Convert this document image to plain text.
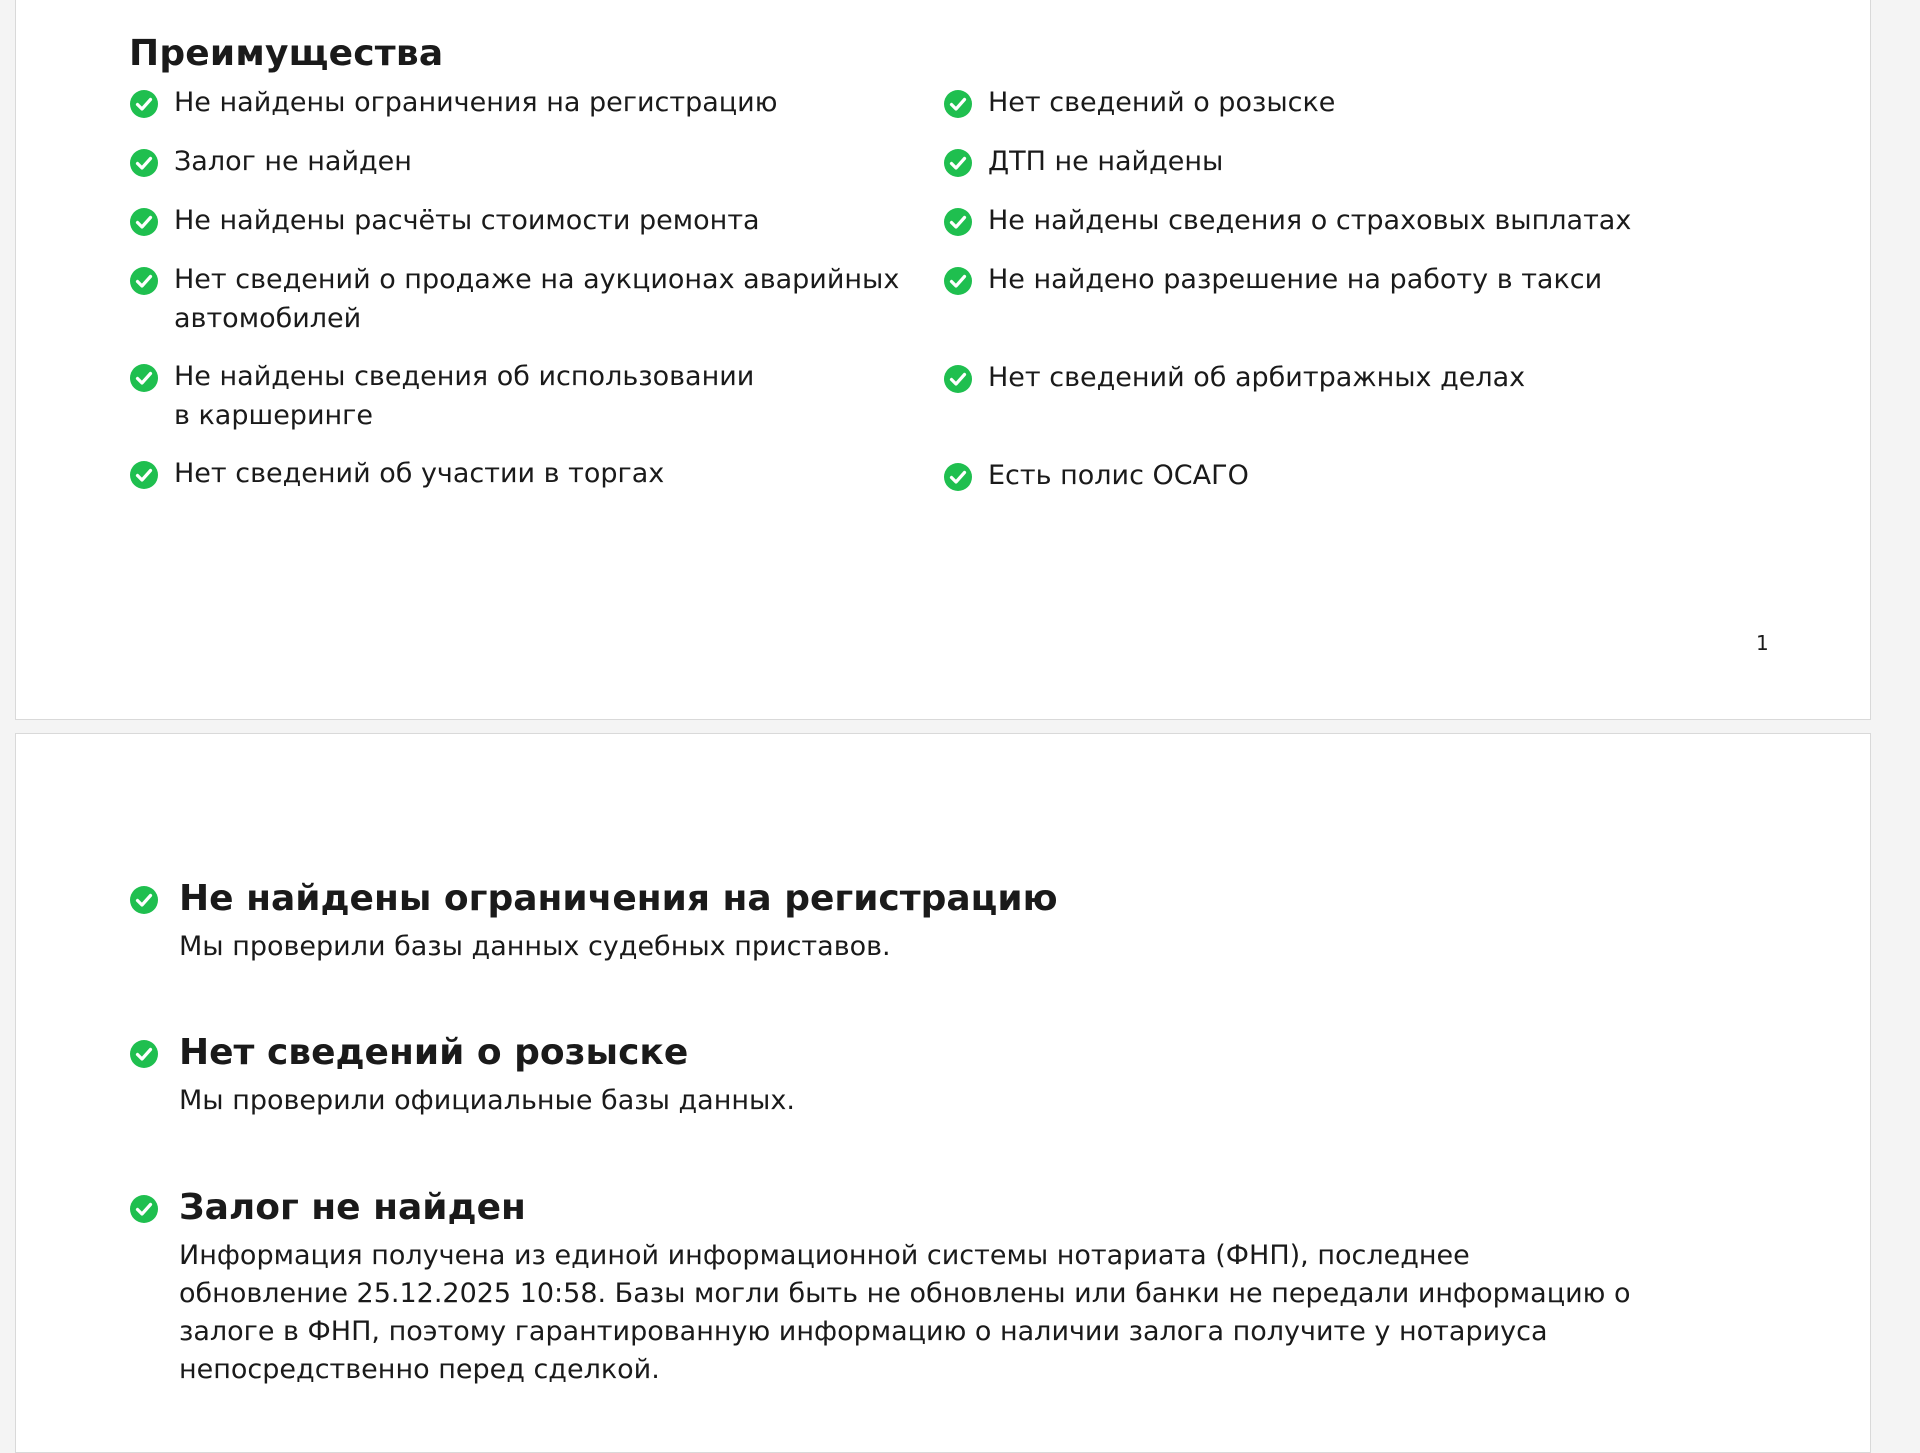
Преимущества
Не найдены ограничения на регистрацию
Залог не найден
Не найдены расчёты стоимости ремонта
Нет сведений о продаже на аукционах аварийных
автомобилей
Не найдены сведения об использовании
в каршеринге
Нет сведений об участии в торгах
Нет сведений о розыске
ДТП не найдены
Не найдены сведения о страховых выплатах
Не найдено разрешение на работу в такси
Нет сведений об арбитражных делах
Есть полис ОСАГО
1
Не найдены ограничения на регистрацию

Мы проверили базы данных судебных приставов.

Нет сведений о розыске

Мы проверили официальные базы данных.

Залог не найден

Информация получена из единой информационной системы нотариата (ФНП), последнее
обновление 25.12.2025 10:58. Базы могли быть не обновлены или банки не передали информацию о
залоге в ФНП, поэтому гарантированную информацию о наличии залога получите у нотариуса
непосредственно перед сделкой.
